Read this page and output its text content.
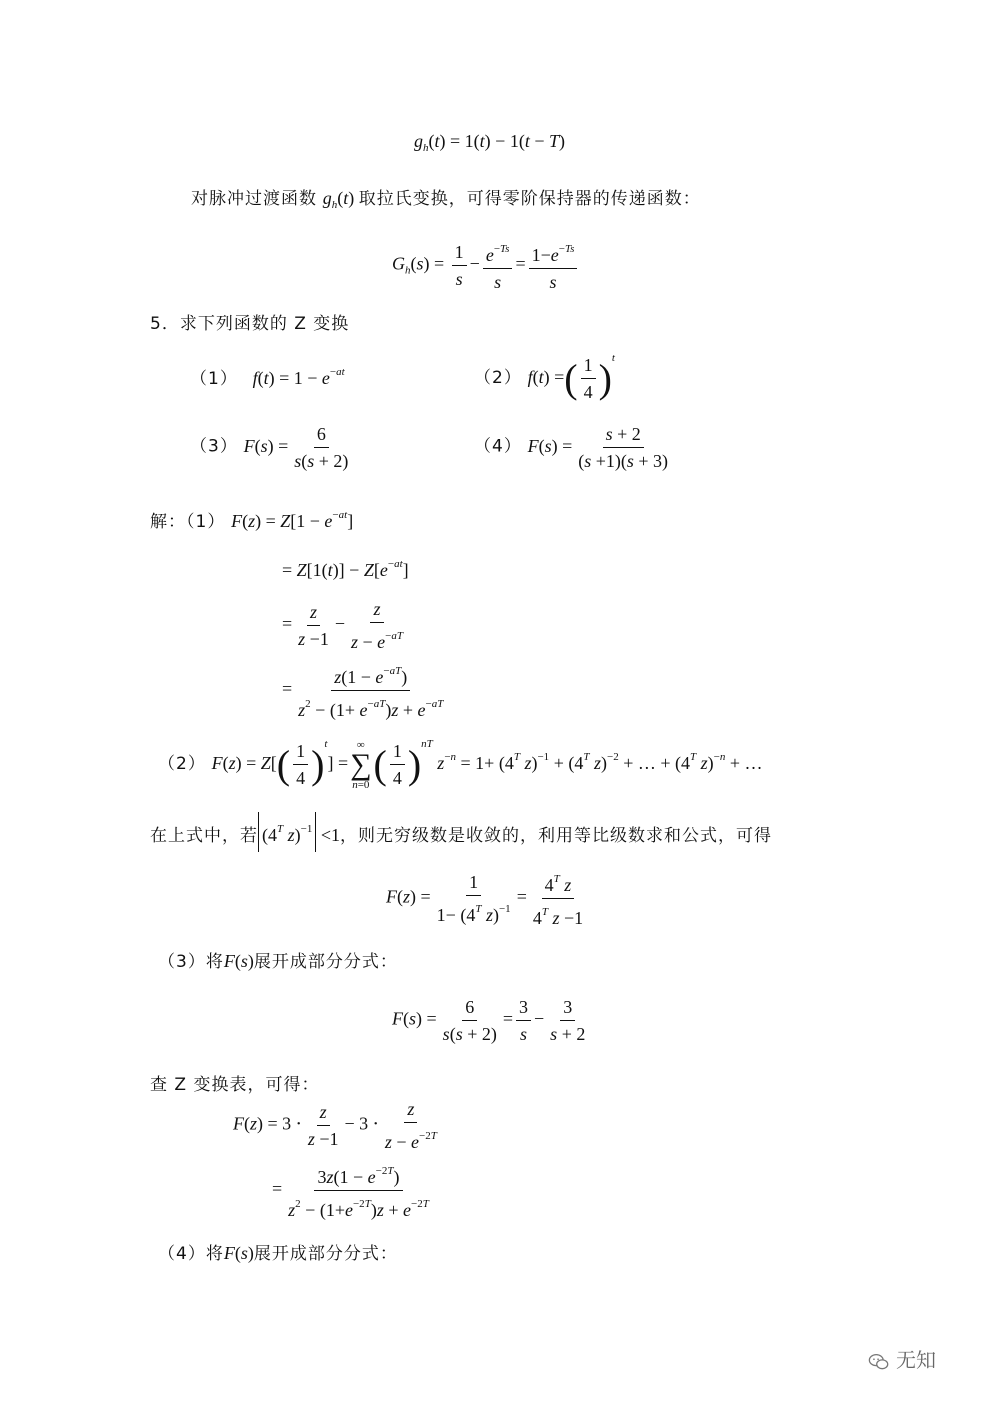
$g_h(t) = 1(t) - 1(t - T)$
对脉冲过渡函数 $g_h(t)$ 取拉氏变换，可得零阶保持器的传递函数：
$G_h(s) = \frac{1}{s} - \frac{e^{-Ts}}{s} = \frac{1-e^{-Ts}}{s}$
5．求下列函数的 Z 变换
（1） $f(t) = 1 - e^{-at}$	（2） f(t) =( $\frac{1}{4} )^t$
（3） $F(s) = \frac{6}{s(s + 2)}$	（4） $F(s) = \frac{s + 2}{(s +1)(s + 3)}$
解：（1） $F(z) = Z[1 - e^{-at}]$
= $Z[1(t)] - Z[e^{-at}]$
= $\frac{z}{z -1} - \frac{z}{z - e^{-aT}}$
= $\frac{z(1 - e^{-aT})}{z^2 - (1+ e^{-aT})z + e^{-aT}}$
（2） $F(z) = Z[( \frac{1}{4} )^t]$ =
∞
∑
n=0 ( $\frac{1}{4} )^{nT}$ $z^{-n} = 1+ (4^T$ $z)^{-1} + (4^T$ z)$^{-2}$ + … + ($4^T$ z)$^{-n}$ + …
在上式中，若 ($4^T$ z)$^{-1}$ <1，则无穷级数是收敛的，利用等比级数求和公式，可得
$F(z) = \frac{1}{1- (4^T z)^{-1}} = \frac{4^T z}{4^T z -1}$
（3）将F(s)展开成部分分式：
$F(s) = \frac{6}{s(s + 2)} = \frac{3}{s} - \frac{3}{s + 2}$
查 Z 变换表，可得：
$F(z) = 3 \cdot \frac{z}{z -1} - 3 \cdot \frac{z}{z - e^{-2T}}$
= $\frac{3z(1 - e^{-2T})}{z^2 - (1+e^{-2T})z + e^{-2T}}$
（4）将F(s)展开成部分分式：
无知
